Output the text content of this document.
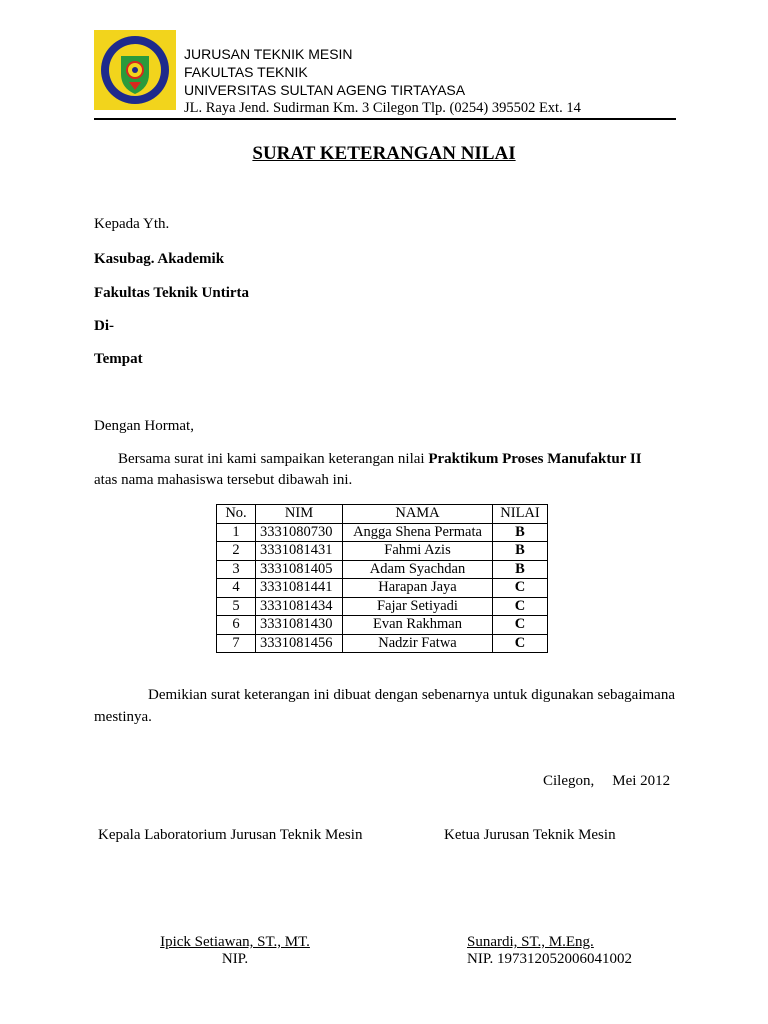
JURUSAN TEKNIK MESIN
FAKULTAS TEKNIK
UNIVERSITAS SULTAN AGENG TIRTAYASA
JL. Raya Jend. Sudirman Km. 3 Cilegon Tlp. (0254) 395502 Ext. 14
SURAT KETERANGAN NILAI
Kepada Yth.
Kasubag. Akademik
Fakultas Teknik Untirta
Di-
Tempat
Dengan Hormat,
Bersama surat ini kami sampaikan keterangan nilai Praktikum Proses Manufaktur II
atas nama mahasiswa tersebut dibawah ini.
No.	NIM	NAMA	NILAI
1	3331080730	Angga Shena Permata	B
2	3331081431	Fahmi Azis	B
3	3331081405	Adam Syachdan	B
4	3331081441	Harapan Jaya	C
5	3331081434	Fajar Setiyadi	C
6	3331081430	Evan Rakhman	C
7	3331081456	Nadzir Fatwa	C
Demikian surat keterangan ini dibuat dengan sebenarnya untuk digunakan sebagaimana mestinya.
Cilegon, Mei 2012
Kepala Laboratorium Jurusan Teknik Mesin	Ketua Jurusan Teknik Mesin
Ipick Setiawan, ST., MT.
NIP.
Sunardi, ST., M.Eng.
NIP. 197312052006041002
